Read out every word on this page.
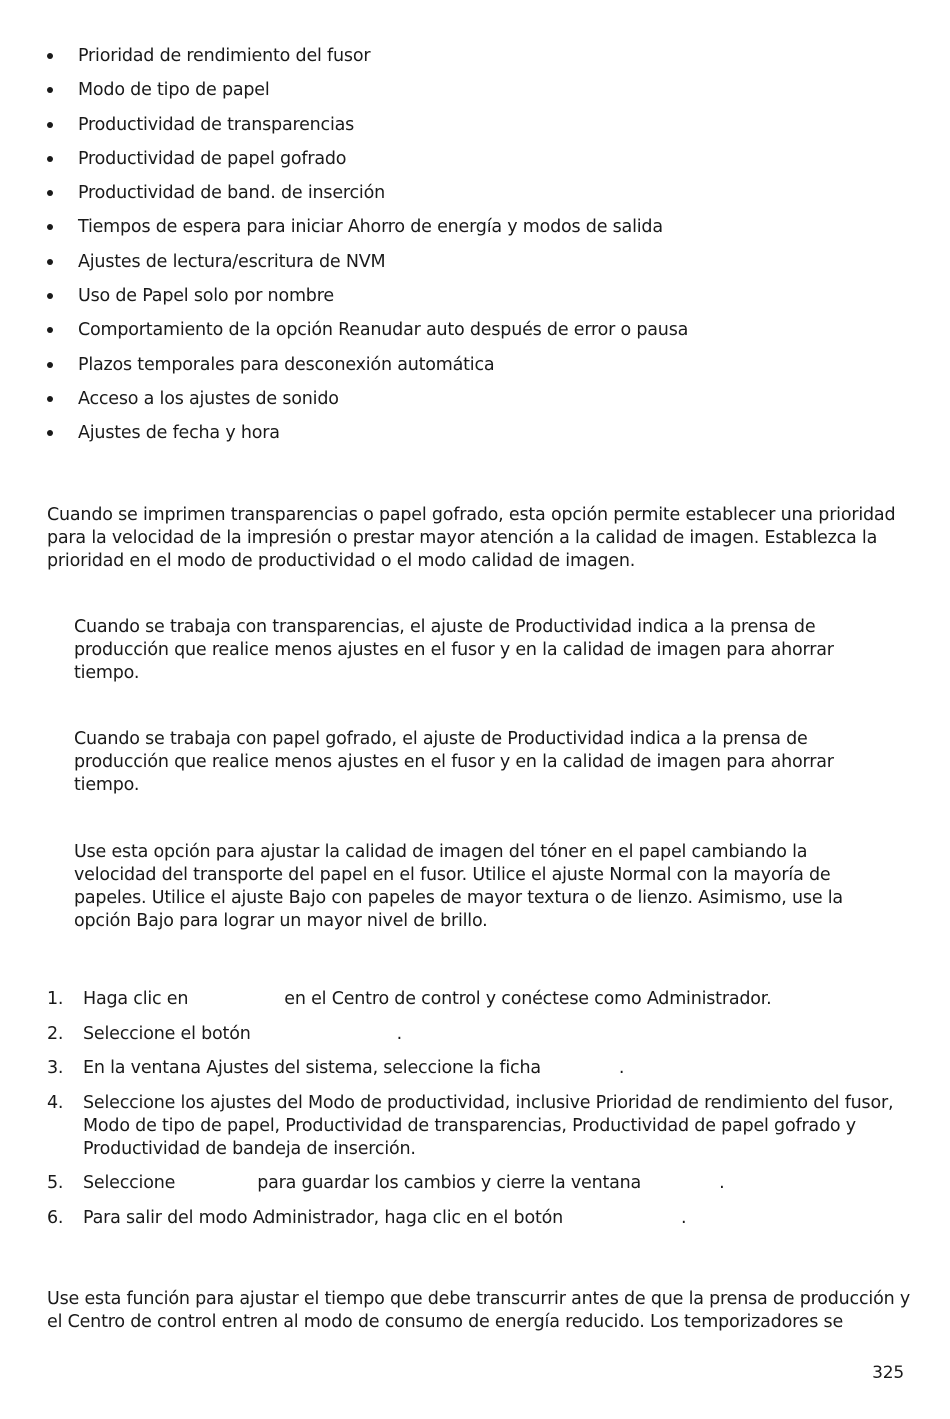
Prioridad de rendimiento del fusor
Modo de tipo de papel
Productividad de transparencias
Productividad de papel gofrado
Productividad de band. de inserción
Tiempos de espera para iniciar Ahorro de energía y modos de salida
Ajustes de lectura/escritura de NVM
Uso de Papel solo por nombre
Comportamiento de la opción Reanudar auto después de error o pausa
Plazos temporales para desconexión automática
Acceso a los ajustes de sonido
Ajustes de fecha y hora

Cuando se imprimen transparencias o papel gofrado, esta opción permite establecer una prioridad para la velocidad de la impresión o prestar mayor atención a la calidad de imagen. Establezca la prioridad en el modo de productividad o el modo calidad de imagen.

Cuando se trabaja con transparencias, el ajuste de Productividad indica a la prensa de producción que realice menos ajustes en el fusor y en la calidad de imagen para ahorrar tiempo.

Cuando se trabaja con papel gofrado, el ajuste de Productividad indica a la prensa de producción que realice menos ajustes en el fusor y en la calidad de imagen para ahorrar tiempo.

Use esta opción para ajustar la calidad de imagen del tóner en el papel cambiando la velocidad del transporte del papel en el fusor. Utilice el ajuste Normal con la mayoría de papeles. Utilice el ajuste Bajo con papeles de mayor textura o de lienzo. Asimismo, use la opción Bajo para lograr un mayor nivel de brillo.

1. Haga clic en	en el Centro de control y conéctese como Administrador.
2. Seleccione el botón	.
3. En la ventana Ajustes del sistema, seleccione la ficha	.
4. Seleccione los ajustes del Modo de productividad, inclusive Prioridad de rendimiento del fusor, Modo de tipo de papel, Productividad de transparencias, Productividad de papel gofrado y Productividad de bandeja de inserción.
5. Seleccione	para guardar los cambios y cierre la ventana	.
6. Para salir del modo Administrador, haga clic en el botón	.

Use esta función para ajustar el tiempo que debe transcurrir antes de que la prensa de producción y el Centro de control entren al modo de consumo de energía reducido. Los temporizadores se

325
